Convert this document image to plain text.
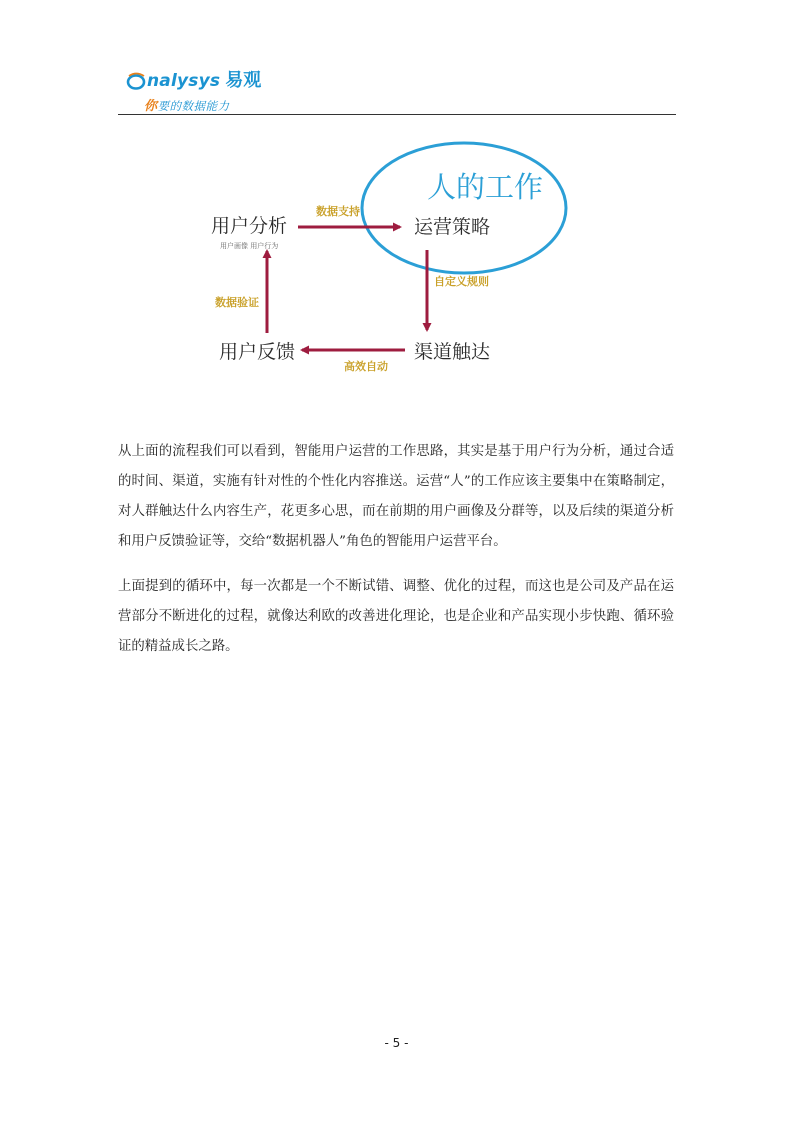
nalysys 易观
你要的数据能力
人的工作
用户分析
用户画像 用户行为
运营策略
渠道触达
用户反馈
数据支持
自定义规则
高效自动
数据验证

从上面的流程我们可以看到，智能用户运营的工作思路，其实是基于用户行为分析，通过合适的时间、渠道，实施有针对性的个性化内容推送。运营“人”的工作应该主要集中在策略制定，对人群触达什么内容生产，花更多心思，而在前期的用户画像及分群等，以及后续的渠道分析和用户反馈验证等，交给“数据机器人”角色的智能用户运营平台。

上面提到的循环中，每一次都是一个不断试错、调整、优化的过程，而这也是公司及产品在运营部分不断进化的过程，就像达利欧的改善进化理论，也是企业和产品实现小步快跑、循环验证的精益成长之路。

- 5 -
